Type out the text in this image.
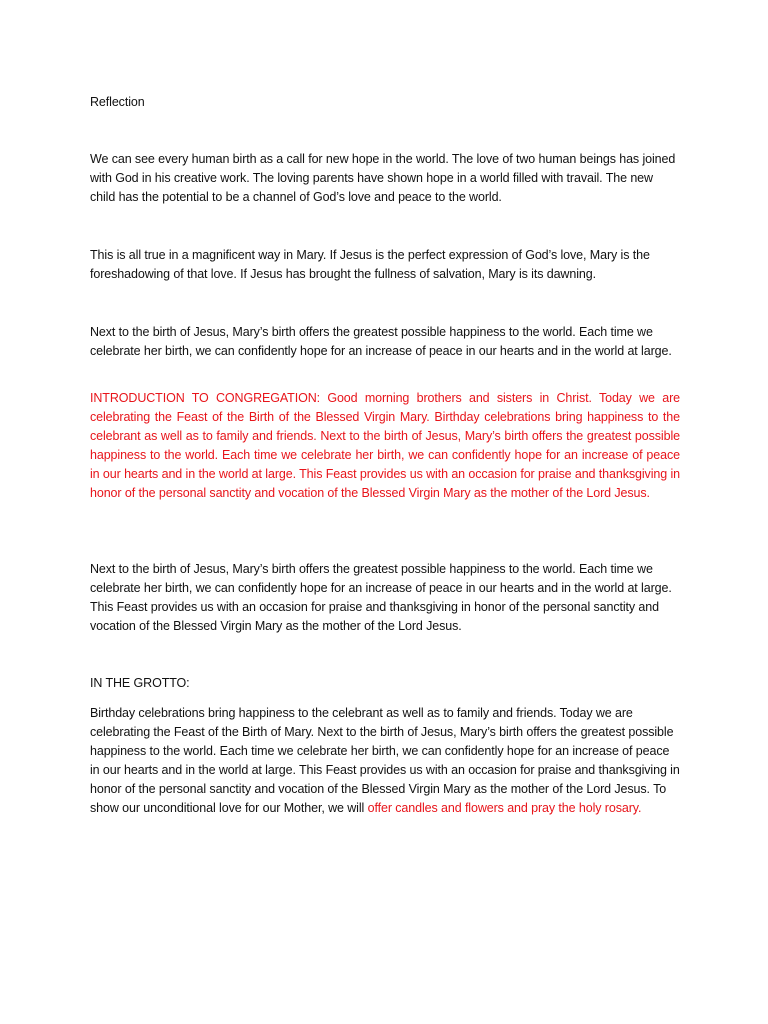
Reflection

We can see every human birth as a call for new hope in the world. The love of two human beings has joined with God in his creative work. The loving parents have shown hope in a world filled with travail. The new child has the potential to be a channel of God’s love and peace to the world.

This is all true in a magnificent way in Mary. If Jesus is the perfect expression of God’s love, Mary is the foreshadowing of that love. If Jesus has brought the fullness of salvation, Mary is its dawning.

Next to the birth of Jesus, Mary’s birth offers the greatest possible happiness to the world. Each time we celebrate her birth, we can confidently hope for an increase of peace in our hearts and in the world at large.

INTRODUCTION TO CONGREGATION: Good morning brothers and sisters in Christ. Today we are celebrating the Feast of the Birth of the Blessed Virgin Mary. Birthday celebrations bring happiness to the celebrant as well as to family and friends. Next to the birth of Jesus, Mary’s birth offers the greatest possible happiness to the world. Each time we celebrate her birth, we can confidently hope for an increase of peace in our hearts and in the world at large. This Feast provides us with an occasion for praise and thanksgiving in honor of the personal sanctity and vocation of the Blessed Virgin Mary as the mother of the Lord Jesus.

Next to the birth of Jesus, Mary’s birth offers the greatest possible happiness to the world. Each time we celebrate her birth, we can confidently hope for an increase of peace in our hearts and in the world at large. This Feast provides us with an occasion for praise and thanksgiving in honor of the personal sanctity and vocation of the Blessed Virgin Mary as the mother of the Lord Jesus.

IN THE GROTTO:

Birthday celebrations bring happiness to the celebrant as well as to family and friends. Today we are celebrating the Feast of the Birth of Mary. Next to the birth of Jesus, Mary’s birth offers the greatest possible happiness to the world. Each time we celebrate her birth, we can confidently hope for an increase of peace in our hearts and in the world at large. This Feast provides us with an occasion for praise and thanksgiving in honor of the personal sanctity and vocation of the Blessed Virgin Mary as the mother of the Lord Jesus. To show our unconditional love for our Mother, we will offer candles and flowers and pray the holy rosary.
